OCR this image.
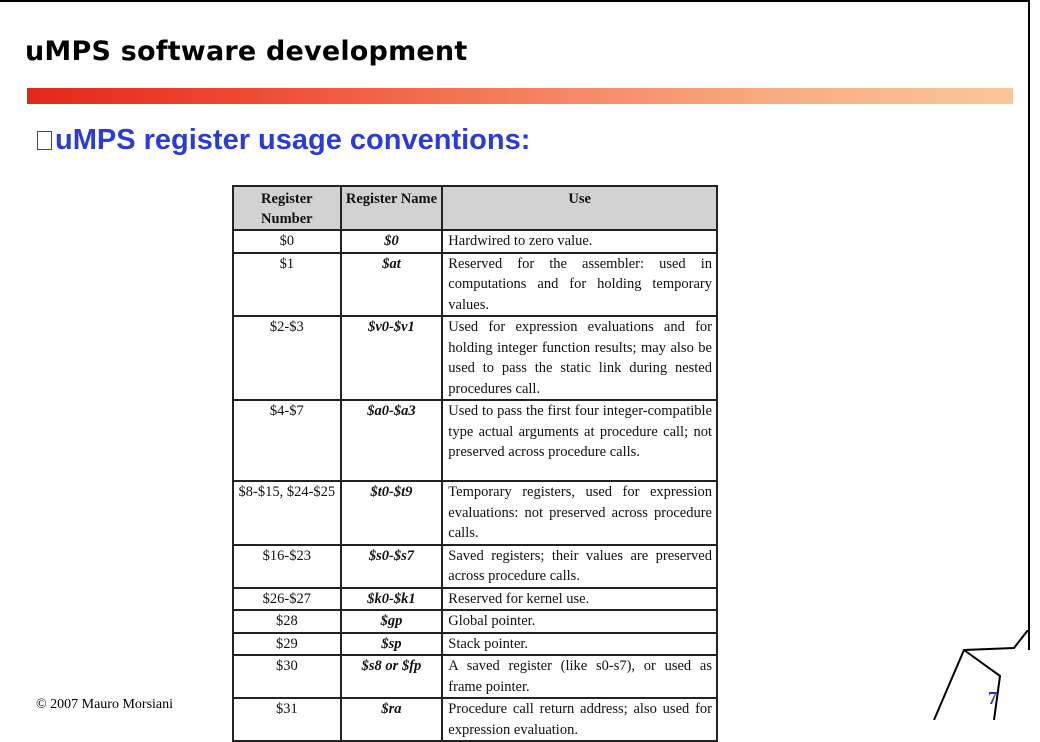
uMPS software development
uMPS register usage conventions:
Register Number	Register Name	Use
$0	$0	Hardwired to zero value.
$1	$at	Reserved for the assembler: used in computations and for holding temporary values.
$2-$3	$v0-$v1	Used for expression evaluations and for holding integer function results; may also be used to pass the static link during nested procedures call.
$4-$7	$a0-$a3	Used to pass the first four integer-compatible type actual arguments at procedure call; not preserved across procedure calls.
$8-$15, $24-$25	$t0-$t9	Temporary registers, used for expression evaluations: not preserved across procedure calls.
$16-$23	$s0-$s7	Saved registers; their values are preserved across procedure calls.
$26-$27	$k0-$k1	Reserved for kernel use.
$28	$gp	Global pointer.
$29	$sp	Stack pointer.
$30	$s8 or $fp	A saved register (like s0-s7), or used as frame pointer.
$31	$ra	Procedure call return address; also used for expression evaluation.
© 2007 Mauro Morsiani	7
